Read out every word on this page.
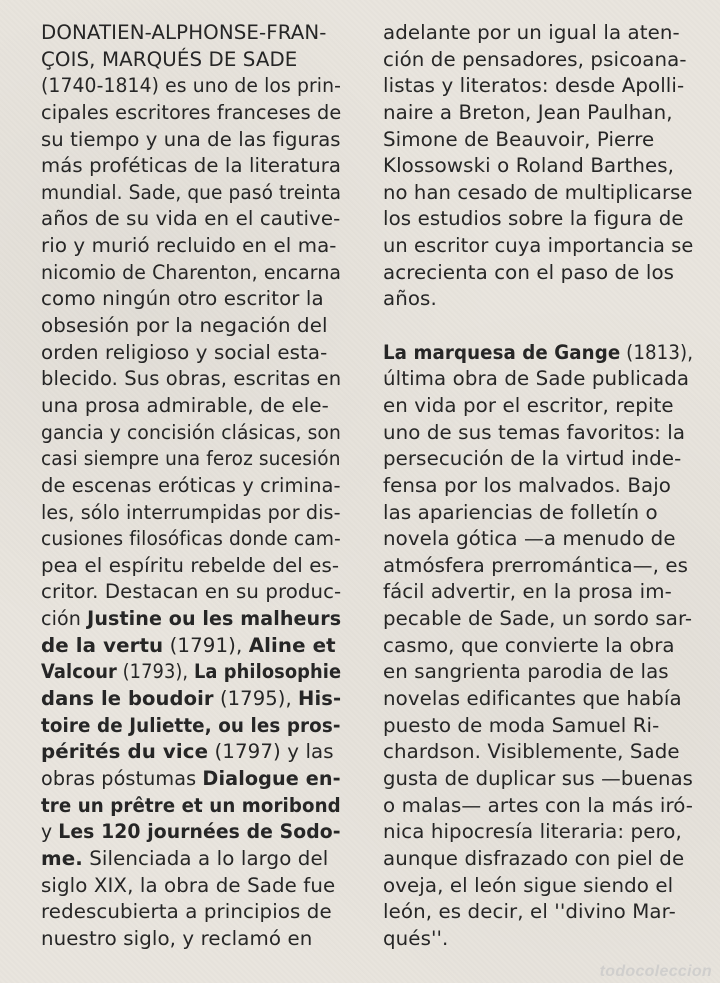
DONATIEN-ALPHONSE-FRAN-
ÇOIS, MARQUÉS DE SADE
(1740-1814) es uno de los prin-
cipales escritores franceses de
su tiempo y una de las figuras
más proféticas de la literatura
mundial. Sade, que pasó treinta
años de su vida en el cautive-
rio y murió recluido en el ma-
nicomio de Charenton, encarna
como ningún otro escritor la
obsesión por la negación del
orden religioso y social esta-
blecido. Sus obras, escritas en
una prosa admirable, de ele-
gancia y concisión clásicas, son
casi siempre una feroz sucesión
de escenas eróticas y crimina-
les, sólo interrumpidas por dis-
cusiones filosóficas donde cam-
pea el espíritu rebelde del es-
critor. Destacan en su produc-
ción Justine ou les malheurs
de la vertu (1791), Aline et
Valcour (1793), La philosophie
dans le boudoir (1795), His-
toire de Juliette, ou les pros-
pérités du vice (1797) y las
obras póstumas Dialogue en-
tre un prêtre et un moribond
y Les 120 journées de Sodo-
me. Silenciada a lo largo del
siglo XIX, la obra de Sade fue
redescubierta a principios de
nuestro siglo, y reclamó en
adelante por un igual la aten-
ción de pensadores, psicoana-
listas y literatos: desde Apolli-
naire a Breton, Jean Paulhan,
Simone de Beauvoir, Pierre
Klossowski o Roland Barthes,
no han cesado de multiplicarse
los estudios sobre la figura de
un escritor cuya importancia se
acrecienta con el paso de los
años.
La marquesa de Gange (1813),
última obra de Sade publicada
en vida por el escritor, repite
uno de sus temas favoritos: la
persecución de la virtud inde-
fensa por los malvados. Bajo
las apariencias de folletín o
novela gótica —a menudo de
atmósfera prerromántica—, es
fácil advertir, en la prosa im-
pecable de Sade, un sordo sar-
casmo, que convierte la obra
en sangrienta parodia de las
novelas edificantes que había
puesto de moda Samuel Ri-
chardson. Visiblemente, Sade
gusta de duplicar sus —buenas
o malas— artes con la más iró-
nica hipocresía literaria: pero,
aunque disfrazado con piel de
oveja, el león sigue siendo el
león, es decir, el ''divino Mar-
qués''.
todocoleccion
